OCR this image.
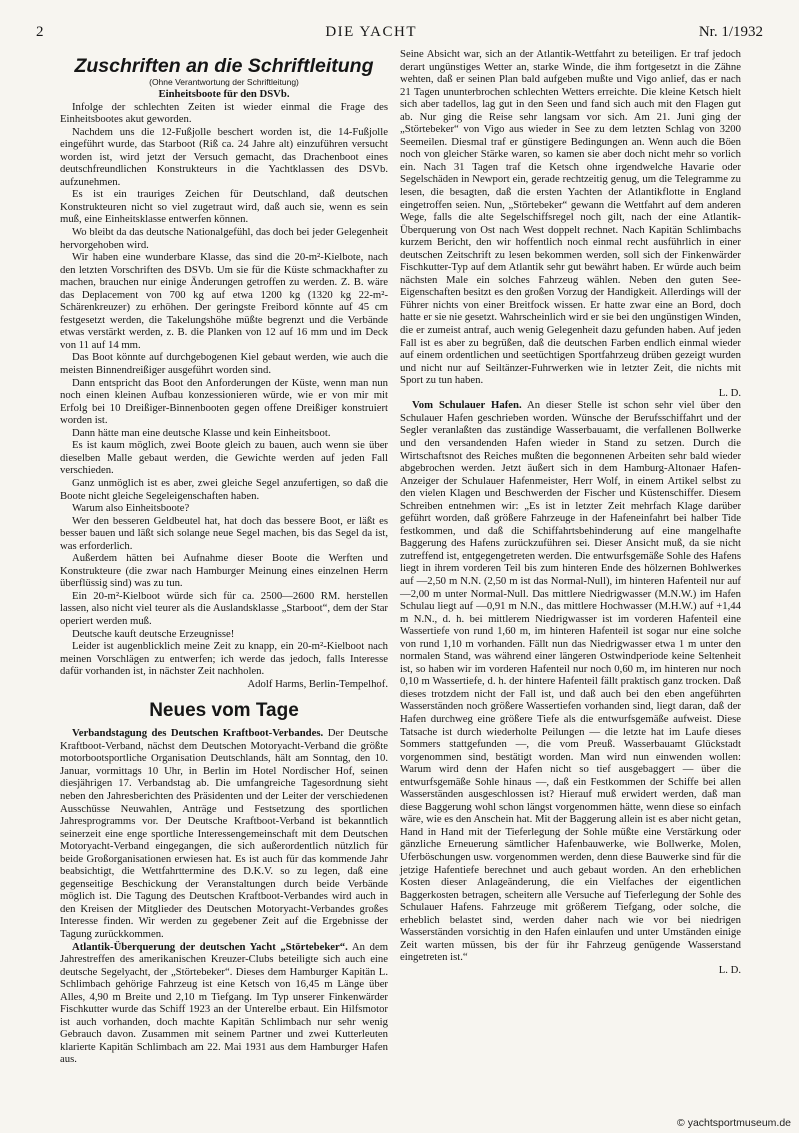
2	DIE YACHT	Nr. 1/1932
Zuschriften an die Schriftleitung
(Ohne Verantwortung der Schriftleitung)

Einheitsboote für den DSVb.

Infolge der schlechten Zeiten ist wieder einmal die Frage des Einheitsbootes akut geworden.

Nachdem uns die 12-Fußjolle beschert worden ist, die 14-Fußjolle eingeführt wurde, das Starboot (Riß ca. 24 Jahre alt) einzuführen versucht worden ist, wird jetzt der Versuch gemacht, das Drachenboot eines deutschfreundlichen Konstrukteurs in die Yachtklassen des DSVb. aufzunehmen.

Es ist ein trauriges Zeichen für Deutschland, daß deutschen Konstrukteuren nicht so viel zugetraut wird, daß auch sie, wenn es sein muß, eine Einheitsklasse entwerfen können.

Wo bleibt da das deutsche Nationalgefühl, das doch bei jeder Gelegenheit hervorgehoben wird.

Wir haben eine wunderbare Klasse, das sind die 20-m²-Kielbote, nach den letzten Vorschriften des DSVb. Um sie für die Küste schmackhafter zu machen, brauchen nur einige Änderungen getroffen zu werden. Z. B. wäre das Deplacement von 700 kg auf etwa 1200 kg (1320 kg 22-m²-Schärenkreuzer) zu erhöhen. Der geringste Freibord könnte auf 45 cm festgesetzt werden, die Takelungshöhe müßte begrenzt und die Verbände etwas verstärkt werden, z. B. die Planken von 12 auf 16 mm und im Deck von 11 auf 14 mm.

Das Boot könnte auf durchgebogenen Kiel gebaut werden, wie auch die meisten Binnendreißiger ausgeführt worden sind.

Dann entspricht das Boot den Anforderungen der Küste, wenn man nun noch einen kleinen Aufbau konzessionieren würde, wie er von mir mit Erfolg bei 10 Dreißiger-Binnenbooten gegen offene Dreißiger konstruiert worden ist.

Dann hätte man eine deutsche Klasse und kein Einheitsboot.

Es ist kaum möglich, zwei Boote gleich zu bauen, auch wenn sie über dieselben Malle gebaut werden, die Gewichte werden auf jeden Fall verschieden.

Ganz unmöglich ist es aber, zwei gleiche Segel anzufertigen, so daß die Boote nicht gleiche Segeleigenschaften haben.

Warum also Einheitsboote?

Wer den besseren Geldbeutel hat, hat doch das bessere Boot, er läßt es besser bauen und läßt sich solange neue Segel machen, bis das Segel da ist, was erforderlich.

Außerdem hätten bei Aufnahme dieser Boote die Werften und Konstrukteure (die zwar nach Hamburger Meinung eines einzelnen Herrn überflüssig sind) was zu tun.

Ein 20-m²-Kielboot würde sich für ca. 2500—2600 RM. herstellen lassen, also nicht viel teurer als die Auslandsklasse „Starboot“, dem der Star operiert werden muß.

Deutsche kauft deutsche Erzeugnisse!

Leider ist augenblicklich meine Zeit zu knapp, ein 20-m²-Kielboot nach meinen Vorschlägen zu entwerfen; ich werde das jedoch, falls Interesse dafür vorhanden ist, in nächster Zeit nachholen.

Adolf Harms, Berlin-Tempelhof.

Neues vom Tage

Verbandstagung des Deutschen Kraftboot-Verbandes. Der Deutsche Kraftboot-Verband, nächst dem Deutschen Motoryacht-Verband die größte motorbootsportliche Organisation Deutschlands, hält am Sonntag, den 10. Januar, vormittags 10 Uhr, in Berlin im Hotel Nordischer Hof, seinen diesjährigen 17. Verbandstag ab. Die umfangreiche Tagesordnung sieht neben den Jahresberichten des Präsidenten und der Leiter der verschiedenen Ausschüsse Neuwahlen, Anträge und Festsetzung des sportlichen Jahresprogramms vor. Der Deutsche Kraftboot-Verband ist bekanntlich seinerzeit eine enge sportliche Interessengemeinschaft mit dem Deutschen Motoryacht-Verband eingegangen, die sich außerordentlich nützlich für beide Großorganisationen erwiesen hat. Es ist auch für das kommende Jahr beabsichtigt, die Wettfahrttermine des D.K.V. so zu legen, daß eine gegenseitige Beschickung der Veranstaltungen durch beide Verbände möglich ist. Die Tagung des Deutschen Kraftboot-Verbandes wird auch in den Kreisen der Mitglieder des Deutschen Motoryacht-Verbandes großes Interesse finden. Wir werden zu gegebener Zeit auf die Ergebnisse der Tagung zurückkommen.

Atlantik-Überquerung der deutschen Yacht „Störtebeker“. An dem Jahrestreffen des amerikanischen Kreuzer-Clubs beteiligte sich auch eine deutsche Segelyacht, der „Störtebeker“. Dieses dem Hamburger Kapitän L. Schlimbach gehörige Fahrzeug ist eine Ketsch von 16,45 m Länge über Alles, 4,90 m Breite und 2,10 m Tiefgang. Im Typ unserer Finkenwärder Fischkutter wurde das Schiff 1923 an der Unterelbe erbaut. Ein Hilfsmotor ist auch vorhanden, doch machte Kapitän Schlimbach nur sehr wenig Gebrauch davon. Zusammen mit seinem Partner und zwei Kutterleuten klarierte Kapitän Schlimbach am 22. Mai 1931 aus dem Hamburger Hafen aus.

Seine Absicht war, sich an der Atlantik-Wettfahrt zu beteiligen. Er traf jedoch derart ungünstiges Wetter an, starke Winde, die ihm fortgesetzt in die Zähne wehten, daß er seinen Plan bald aufgeben mußte und Vigo anlief, das er nach 21 Tagen ununterbrochen schlechten Wetters erreichte. Die kleine Ketsch hielt sich aber tadellos, lag gut in den Seen und fand sich auch mit den Flagen gut ab. Nur ging die Reise sehr langsam vor sich. Am 21. Juni ging der „Störtebeker“ von Vigo aus wieder in See zu dem letzten Schlag von 3200 Seemeilen. Diesmal traf er günstigere Bedingungen an. Wenn auch die Böen noch von gleicher Stärke waren, so kamen sie aber doch nicht mehr so vorlich ein. Nach 31 Tagen traf die Ketsch ohne irgendwelche Havarie oder Segelschäden in Newport ein, gerade rechtzeitig genug, um die Telegramme zu lesen, die besagten, daß die ersten Yachten der Atlantikflotte in England eingetroffen seien. Nun, „Störtebeker“ gewann die Wettfahrt auf dem anderen Wege, falls die alte Segelschiffsregel noch gilt, nach der eine Atlantik-Überquerung von Ost nach West doppelt rechnet. Nach Kapitän Schlimbachs kurzem Bericht, den wir hoffentlich noch einmal recht ausführlich in einer deutschen Zeitschrift zu lesen bekommen werden, soll sich der Finkenwärder Fischkutter-Typ auf dem Atlantik sehr gut bewährt haben. Er würde auch beim nächsten Male ein solches Fahrzeug wählen. Neben den guten See-Eigenschaften besitzt es den großen Vorzug der Handigkeit. Allerdings will der Führer nichts von einer Breitfock wissen. Er hatte zwar eine an Bord, doch hatte er sie nie gesetzt. Wahrscheinlich wird er sie bei den ungünstigen Winden, die er zumeist antraf, auch wenig Gelegenheit dazu gefunden haben. Auf jeden Fall ist es aber zu begrüßen, daß die deutschen Farben endlich einmal wieder auf einem ordentlichen und seetüchtigen Sportfahrzeug drüben gezeigt wurden und nicht nur auf Seiltänzer-Fuhrwerken wie in letzter Zeit, die nichts mit Sport zu tun haben.

L. D.

Vom Schulauer Hafen. An dieser Stelle ist schon sehr viel über den Schulauer Hafen geschrieben worden. Wünsche der Berufsschiffahrt und der Segler veranlaßten das zuständige Wasserbauamt, die verfallenen Bollwerke und den versandenden Hafen wieder in Stand zu setzen. Durch die Wirtschaftsnot des Reiches mußten die begonnenen Arbeiten sehr bald wieder abgebrochen werden. Jetzt äußert sich in dem Hamburg-Altonaer Hafen-Anzeiger der Schulauer Hafenmeister, Herr Wolf, in einem Artikel selbst zu den vielen Klagen und Beschwerden der Fischer und Küstenschiffer. Diesem Schreiben entnehmen wir: „Es ist in letzter Zeit mehrfach Klage darüber geführt worden, daß größere Fahrzeuge in der Hafeneinfahrt bei halber Tide festkommen, und daß die Schiffahrtsbehinderung auf eine mangelhafte Baggerung des Hafens zurückzuführen sei. Dieser Ansicht muß, da sie nicht zutreffend ist, entgegengetreten werden. Die entwurfsgemäße Sohle des Hafens liegt in ihrem vorderen Teil bis zum hinteren Ende des hölzernen Bohlwerkes auf —2,50 m N.N. (2,50 m ist das Normal-Null), im hinteren Hafenteil nur auf —2,00 m unter Normal-Null. Das mittlere Niedrigwasser (M.N.W.) im Hafen Schulau liegt auf —0,91 m N.N., das mittlere Hochwasser (M.H.W.) auf +1,44 m N.N., d. h. bei mittlerem Niedrigwasser ist im vorderen Hafenteil eine Wassertiefe von rund 1,60 m, im hinteren Hafenteil ist sogar nur eine solche von rund 1,10 m vorhanden. Fällt nun das Niedrigwasser etwa 1 m unter den normalen Stand, was während einer längeren Ostwindperiode keine Seltenheit ist, so haben wir im vorderen Hafenteil nur noch 0,60 m, im hinteren nur noch 0,10 m Wassertiefe, d. h. der hintere Hafenteil fällt praktisch ganz trocken. Daß dieses trotzdem nicht der Fall ist, und daß auch bei den eben angeführten Wasserständen noch größere Wassertiefen vorhanden sind, liegt daran, daß der Hafen durchweg eine größere Tiefe als die entwurfsgemäße aufweist. Diese Tatsache ist durch wiederholte Peilungen — die letzte hat im Laufe dieses Sommers stattgefunden —, die vom Preuß. Wasserbauamt Glückstadt vorgenommen sind, bestätigt worden. Man wird nun einwenden wollen: Warum wird denn der Hafen nicht so tief ausgebaggert — über die entwurfsgemäße Sohle hinaus —, daß ein Festkommen der Schiffe bei allen Wasserständen ausgeschlossen ist? Hierauf muß erwidert werden, daß man diese Baggerung wohl schon längst vorgenommen hätte, wenn diese so einfach wäre, wie es den Anschein hat. Mit der Baggerung allein ist es aber nicht getan, Hand in Hand mit der Tieferlegung der Sohle müßte eine Verstärkung oder gänzliche Erneuerung sämtlicher Hafenbauwerke, wie Bollwerke, Molen, Uferböschungen usw. vorgenommen werden, denn diese Bauwerke sind für die jetzige Hafentiefe berechnet und auch gebaut worden. An den erheblichen Kosten dieser Anlageänderung, die ein Vielfaches der eigentlichen Baggerkosten betragen, scheitern alle Versuche auf Tieferlegung der Sohle des Schulauer Hafens. Fahrzeuge mit größerem Tiefgang, oder solche, die erheblich belastet sind, werden daher nach wie vor bei niedrigen Wasserständen vorsichtig in den Hafen einlaufen und unter Umständen einige Zeit warten müssen, bis der für ihr Fahrzeug genügende Wasserstand eingetreten ist.“

L. D.

© yachtsportmuseum.de
